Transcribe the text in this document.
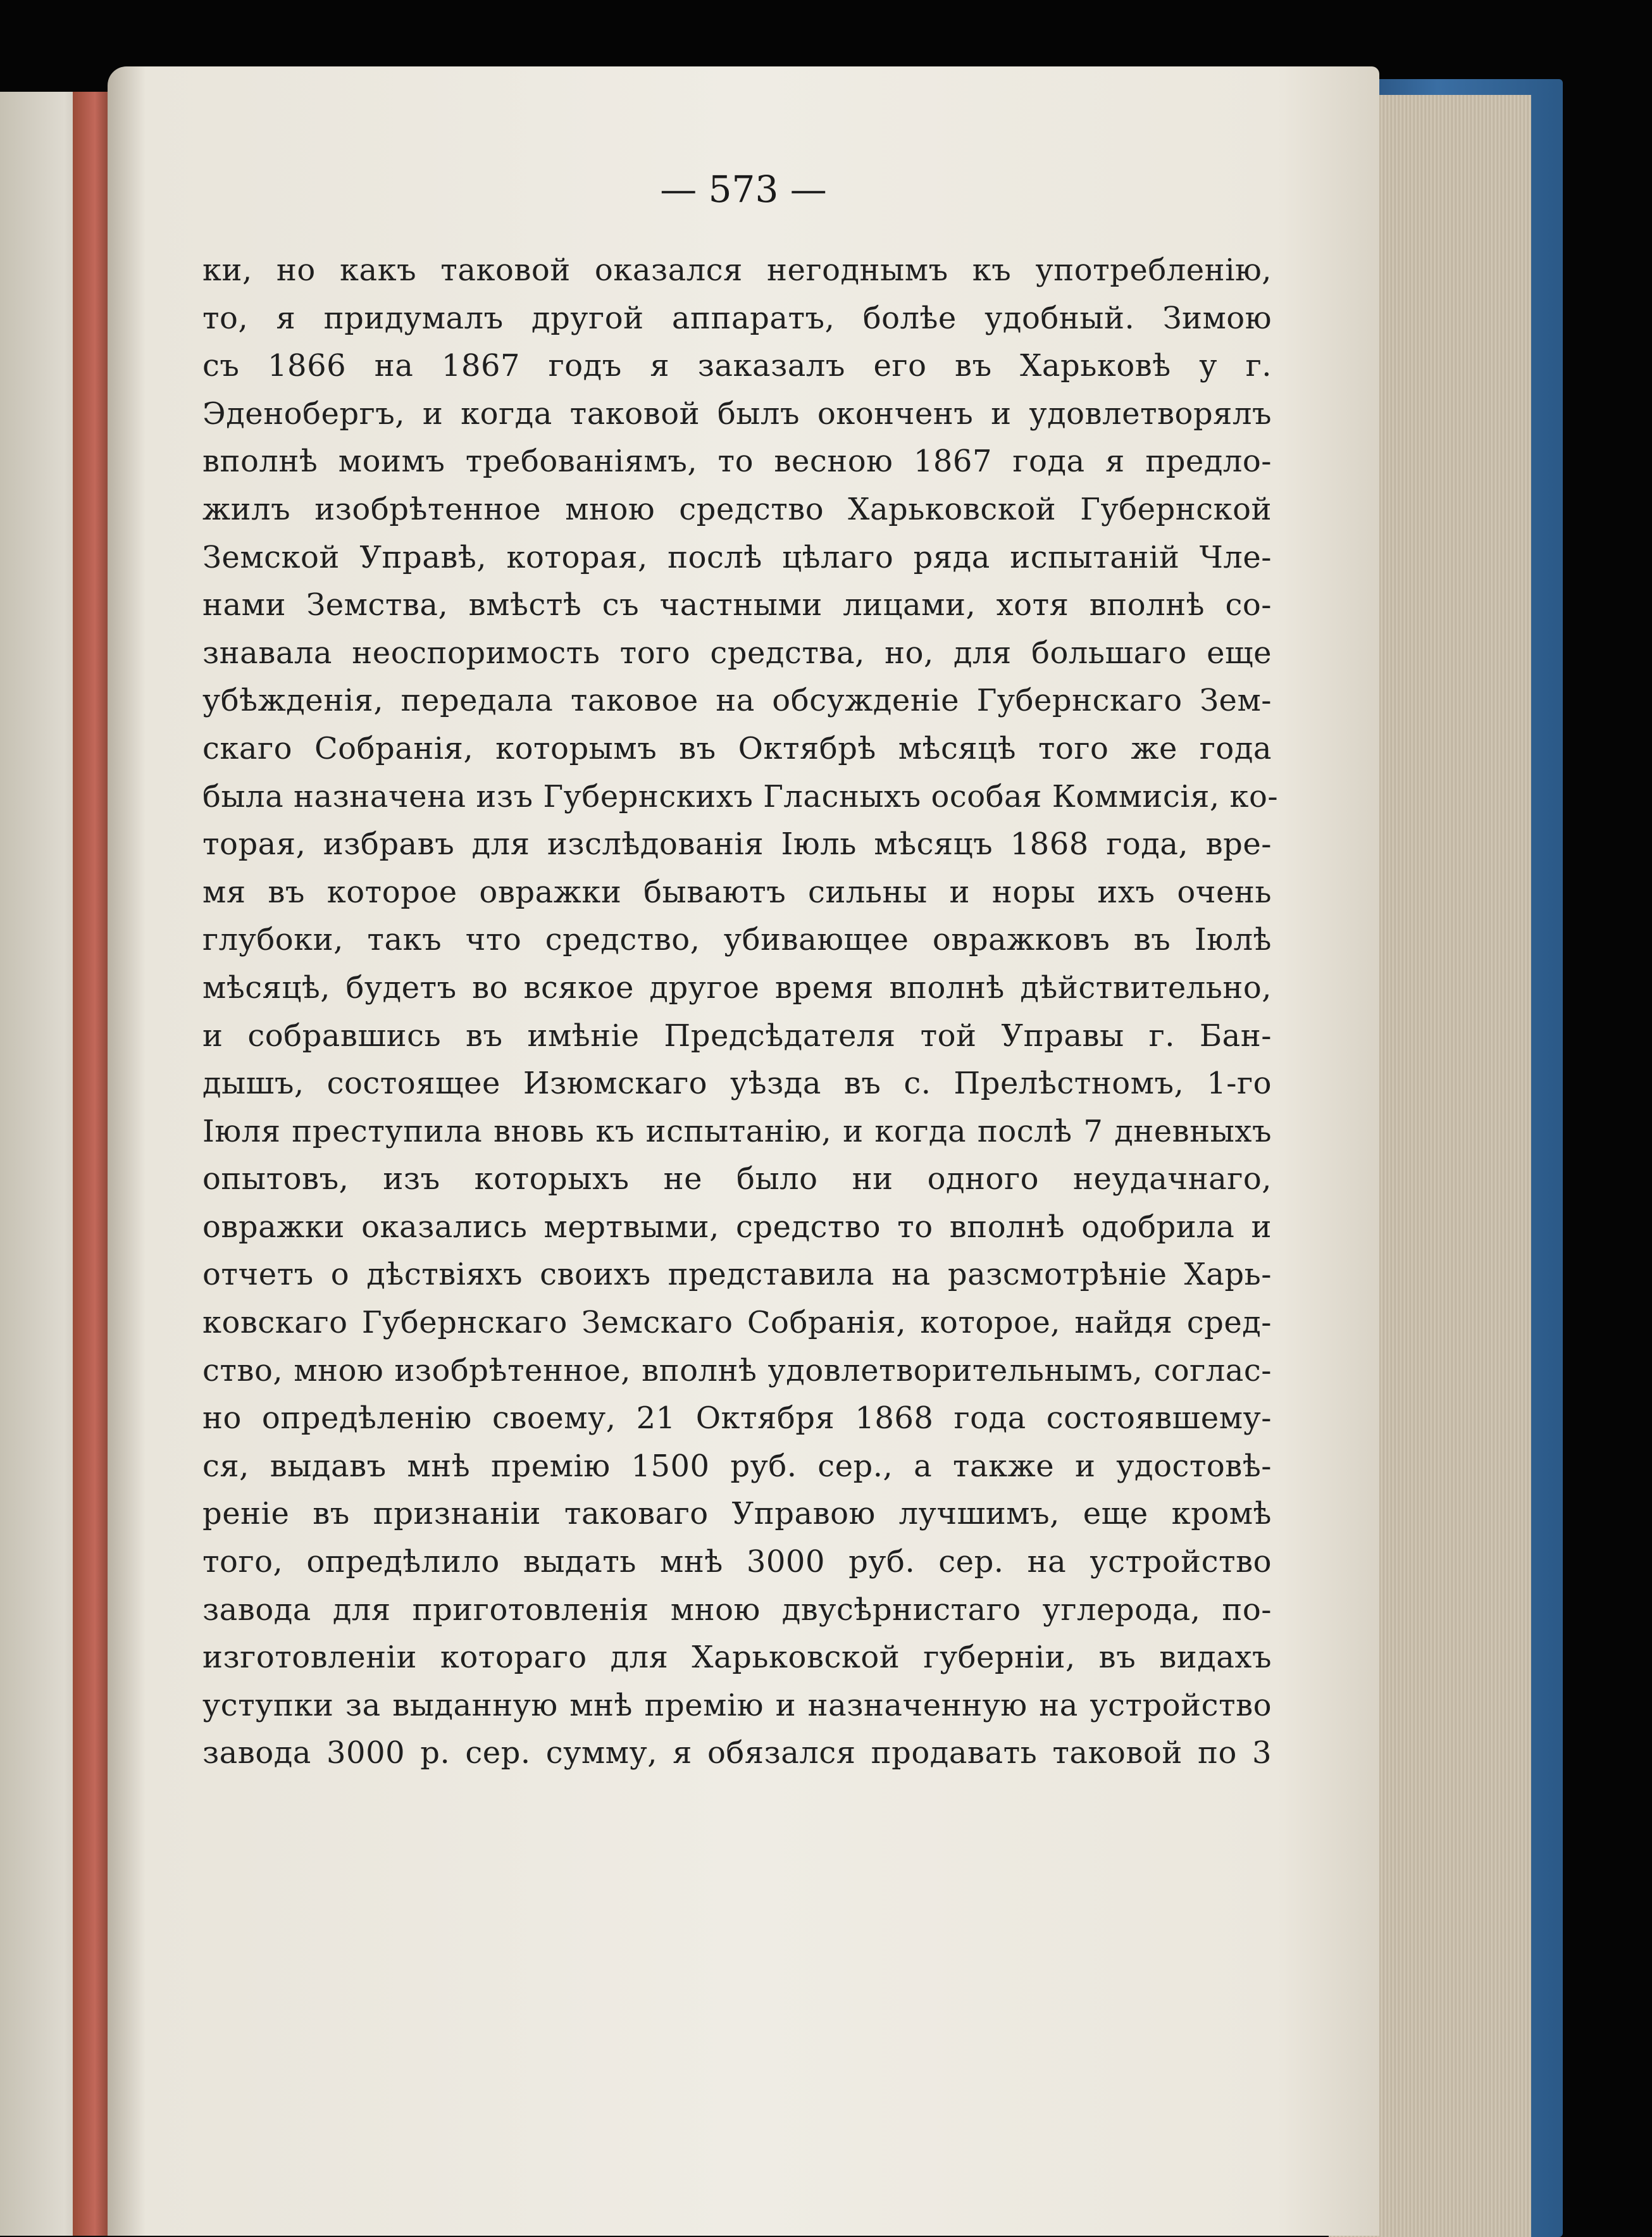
— 573 —
ки, но какъ таковой оказался негоднымъ къ употребленію,
то, я придумалъ другой аппаратъ, болѣе удобный. Зимою
съ 1866 на 1867 годъ я заказалъ его въ Харьковѣ у г.
Эденобергъ, и когда таковой былъ оконченъ и удовлетворялъ
вполнѣ моимъ требованіямъ, то весною 1867 года я предло-
жилъ изобрѣтенное мною средство Харьковской Губернской
Земской Управѣ, которая, послѣ цѣлаго ряда испытаній Чле-
нами Земства, вмѣстѣ съ частными лицами, хотя вполнѣ со-
знавала неоспоримость того средства, но, для большаго еще
убѣжденія, передала таковое на обсужденіе Губернскаго Зем-
скаго Собранія, которымъ въ Октябрѣ мѣсяцѣ того же года
была назначена изъ Губернскихъ Гласныхъ особая Коммисія, ко-
торая, избравъ для изслѣдованія Іюль мѣсяцъ 1868 года, вре-
мя въ которое овражки бываютъ сильны и норы ихъ очень
глубоки, такъ что средство, убивающее овражковъ въ Іюлѣ
мѣсяцѣ, будетъ во всякое другое время вполнѣ дѣйствительно,
и собравшись въ имѣніе Предсѣдателя той Управы г. Бан-
дышъ, состоящее Изюмскаго уѣзда въ с. Прелѣстномъ, 1-го
Іюля преступила вновь къ испытанію, и когда послѣ 7 дневныхъ
опытовъ, изъ которыхъ не было ни одного неудачнаго,
овражки оказались мертвыми, средство то вполнѣ одобрила и
отчетъ о дѣствіяхъ своихъ представила на разсмотрѣніе Харь-
ковскаго Губернскаго Земскаго Собранія, которое, найдя сред-
ство, мною изобрѣтенное, вполнѣ удовлетворительнымъ, соглас-
но опредѣленію своему, 21 Октября 1868 года состоявшему-
ся, выдавъ мнѣ премію 1500 руб. сер., а также и удостовѣ-
реніе въ признаніи таковаго Управою лучшимъ, еще кромѣ
того, опредѣлило выдать мнѣ 3000 руб. сер. на устройство
завода для приготовленія мною двусѣрнистаго углерода, по-
изготовленіи котораго для Харьковской губерніи, въ видахъ
уступки за выданную мнѣ премію и назначенную на устройство
завода 3000 р. сер. сумму, я обязался продавать таковой по 3
